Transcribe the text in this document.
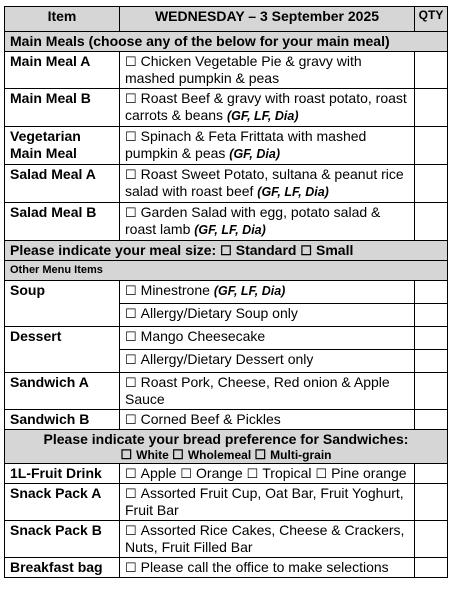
Item	WEDNESDAY – 3 September 2025	QTY
Main Meals (choose any of the below for your main meal)		
Main Meal A	☐ Chicken Vegetable Pie & gravy with mashed pumpkin & peas	
Main Meal B	☐ Roast Beef & gravy with roast potato, roast carrots & beans (GF, LF, Dia)	
Vegetarian Main Meal	☐ Spinach & Feta Frittata with mashed pumpkin & peas (GF, Dia)	
Salad Meal A	☐ Roast Sweet Potato, sultana & peanut rice salad with roast beef (GF, LF, Dia)	
Salad Meal B	☐ Garden Salad with egg, potato salad & roast lamb (GF, LF, Dia)	
Please indicate your meal size: ☐ Standard ☐ Small		
Other Menu Items		
Soup	☐ Minestrone (GF, LF, Dia)	
	☐ Allergy/Dietary Soup only	
Dessert	☐ Mango Cheesecake	
	☐ Allergy/Dietary Dessert only	
Sandwich A	☐ Roast Pork, Cheese, Red onion & Apple Sauce	
Sandwich B	☐ Corned Beef & Pickles	
Please indicate your bread preference for Sandwiches:
☐ White ☐ Wholemeal ☐ Multi-grain		

1L-Fruit Drink	☐ Apple ☐ Orange ☐ Tropical ☐ Pine orange	
Snack Pack A	☐ Assorted Fruit Cup, Oat Bar, Fruit Yoghurt, Fruit Bar	
Snack Pack B	☐ Assorted Rice Cakes, Cheese & Crackers, Nuts, Fruit Filled Bar	
Breakfast bag	☐ Please call the office to make selections	
